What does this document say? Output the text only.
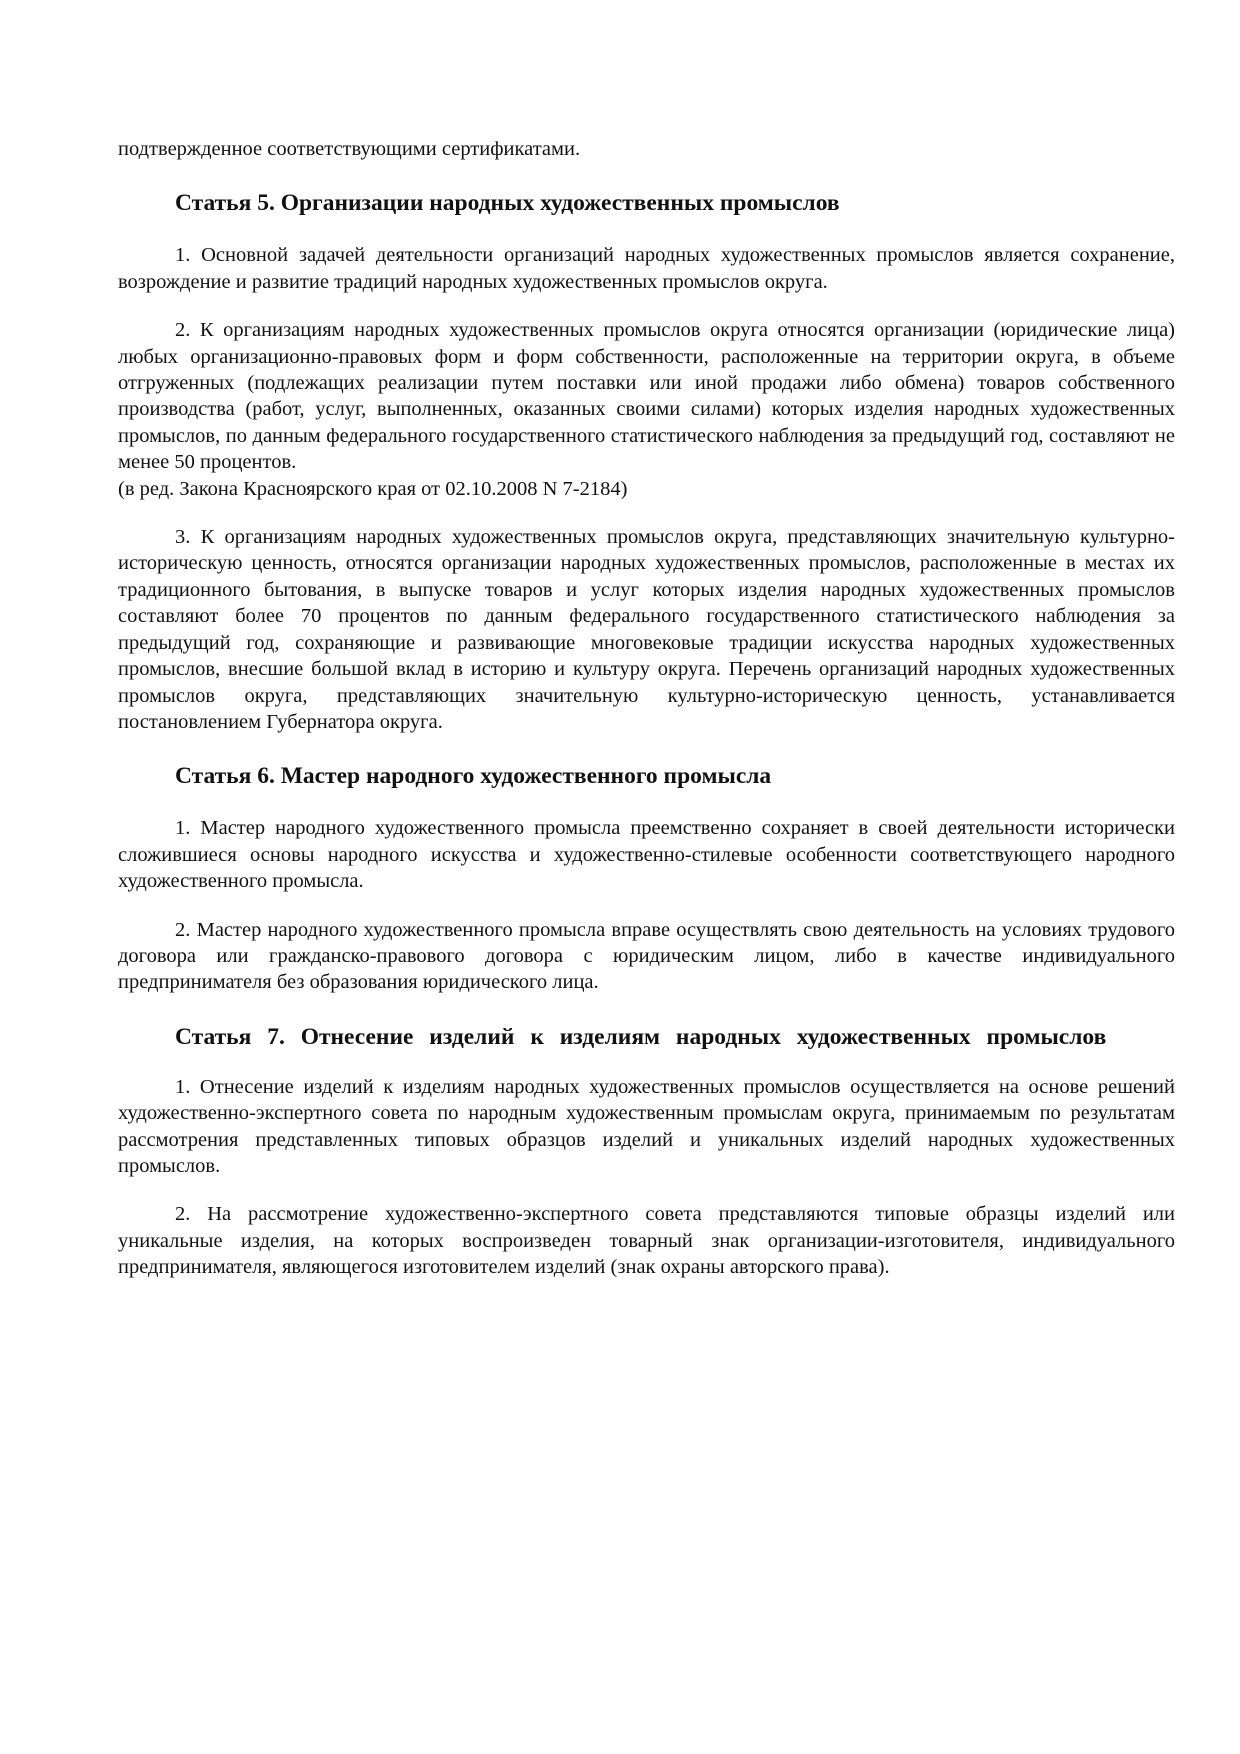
подтвержденное соответствующими сертификатами.

Статья 5. Организации народных художественных промыслов

1. Основной задачей деятельности организаций народных художественных промыслов является сохранение, возрождение и развитие традиций народных художественных промыслов округа.

2. К организациям народных художественных промыслов округа относятся организации (юридические лица) любых организационно-правовых форм и форм собственности, расположенные на территории округа, в объеме отгруженных (подлежащих реализации путем поставки или иной продажи либо обмена) товаров собственного производства (работ, услуг, выполненных, оказанных своими силами) которых изделия народных художественных промыслов, по данным федерального государственного статистического наблюдения за предыдущий год, составляют не менее 50 процентов.

(в ред. Закона Красноярского края от 02.10.2008 N 7-2184)

3. К организациям народных художественных промыслов округа, представляющих значительную культурно-историческую ценность, относятся организации народных художественных промыслов, расположенные в местах их традиционного бытования, в выпуске товаров и услуг которых изделия народных художественных промыслов составляют более 70 процентов по данным федерального государственного статистического наблюдения за предыдущий год, сохраняющие и развивающие многовековые традиции искусства народных художественных промыслов, внесшие большой вклад в историю и культуру округа. Перечень организаций народных художественных промыслов округа, представляющих значительную культурно-историческую ценность, устанавливается постановлением Губернатора округа.

Статья 6. Мастер народного художественного промысла

1. Мастер народного художественного промысла преемственно сохраняет в своей деятельности исторически сложившиеся основы народного искусства и художественно-стилевые особенности соответствующего народного художественного промысла.

2. Мастер народного художественного промысла вправе осуществлять свою деятельность на условиях трудового договора или гражданско-правового договора с юридическим лицом, либо в качестве индивидуального предпринимателя без образования юридического лица.

Статья 7. Отнесение изделий к изделиям народных художественных промыслов

1. Отнесение изделий к изделиям народных художественных промыслов осуществляется на основе решений художественно-экспертного совета по народным художественным промыслам округа, принимаемым по результатам рассмотрения представленных типовых образцов изделий и уникальных изделий народных художественных промыслов.

2. На рассмотрение художественно-экспертного совета представляются типовые образцы изделий или уникальные изделия, на которых воспроизведен товарный знак организации-изготовителя, индивидуального предпринимателя, являющегося изготовителем изделий (знак охраны авторского права).
